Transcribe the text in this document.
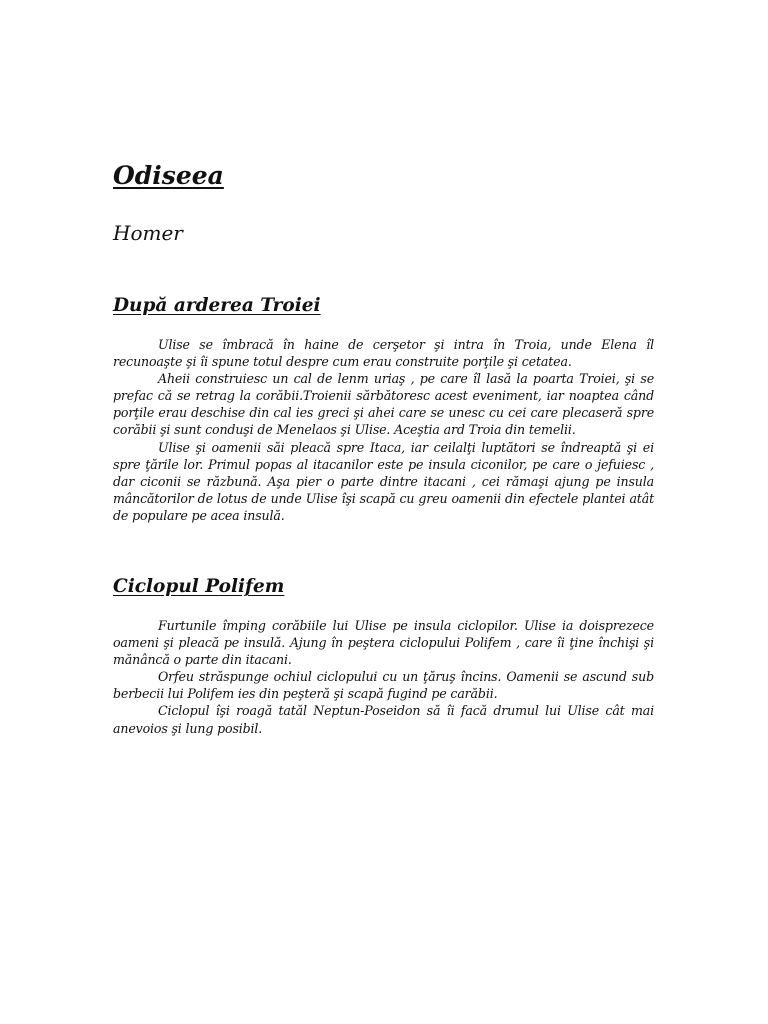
Odiseea
Homer
După arderea Troiei

Ulise se îmbracă în haine de cerşetor şi intra în Troia, unde Elena îl recunoaşte şi îi spune totul despre cum erau construite porţile şi cetatea.

Aheii construiesc un cal de lenm uriaş , pe care îl lasă la poarta Troiei, şi se prefac că se retrag la corăbii.Troienii sărbătoresc acest eveniment, iar noaptea când porţile erau deschise din cal ies greci şi ahei care se unesc cu cei care plecaseră spre corăbii şi sunt conduşi de Menelaos şi Ulise. Aceştia ard Troia din temelii.

Ulise şi oamenii săi pleacă spre Itaca, iar ceilalţi luptători se îndreaptă şi ei spre ţările lor. Primul popas al itacanilor este pe insula ciconilor, pe care o jefuiesc , dar ciconii se răzbună. Aşa pier o parte dintre itacani , cei rămaşi ajung pe insula mâncătorilor de lotus de unde Ulise îşi scapă cu greu oamenii din efectele plantei atât de populare pe acea insulă.

Ciclopul Polifem

Furtunile împing corăbiile lui Ulise pe insula ciclopilor. Ulise ia doisprezece oameni şi pleacă pe insulă. Ajung în peştera ciclopului Polifem , care îi ţine închişi şi mănâncă o parte din itacani.

Orfeu străspunge ochiul ciclopului cu un ţăruş încins. Oamenii se ascund sub berbecii lui Polifem ies din peşteră şi scapă fugind pe carăbii.

Ciclopul îşi roagă tatăl Neptun-Poseidon să îi facă drumul lui Ulise cât mai anevoios şi lung posibil.
